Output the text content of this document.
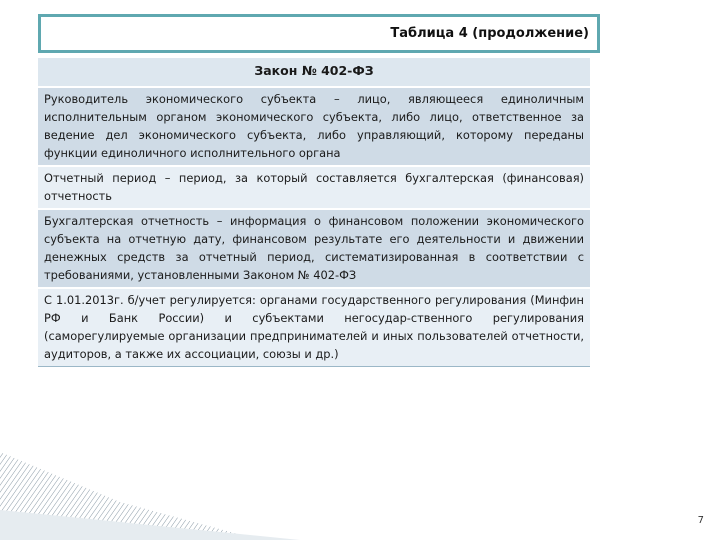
Таблица 4 (продолжение)
Закон № 402-ФЗ
Руководитель экономического субъекта – лицо, являющееся единоличным исполнительным органом экономического субъекта, либо лицо, ответственное за ведение дел экономического субъекта, либо управляющий, которому переданы функции единоличного исполнительного органа
Отчетный период – период, за который составляется бухгалтерская (финансовая) отчетность
Бухгалтерская отчетность – информация о финансовом положении экономического субъекта на отчетную дату, финансовом результате его деятельности и движении денежных средств за отчетный период, систематизированная в соответствии с требованиями, установленными Законом № 402-ФЗ
С 1.01.2013г. б/учет регулируется: органами государственного регулирования (Минфин РФ и Банк России) и субъектами негосудар-ственного регулирования (саморегулируемые организации предпринимателей и иных пользователей отчетности, аудиторов, а также их ассоциации, союзы и др.)
7
